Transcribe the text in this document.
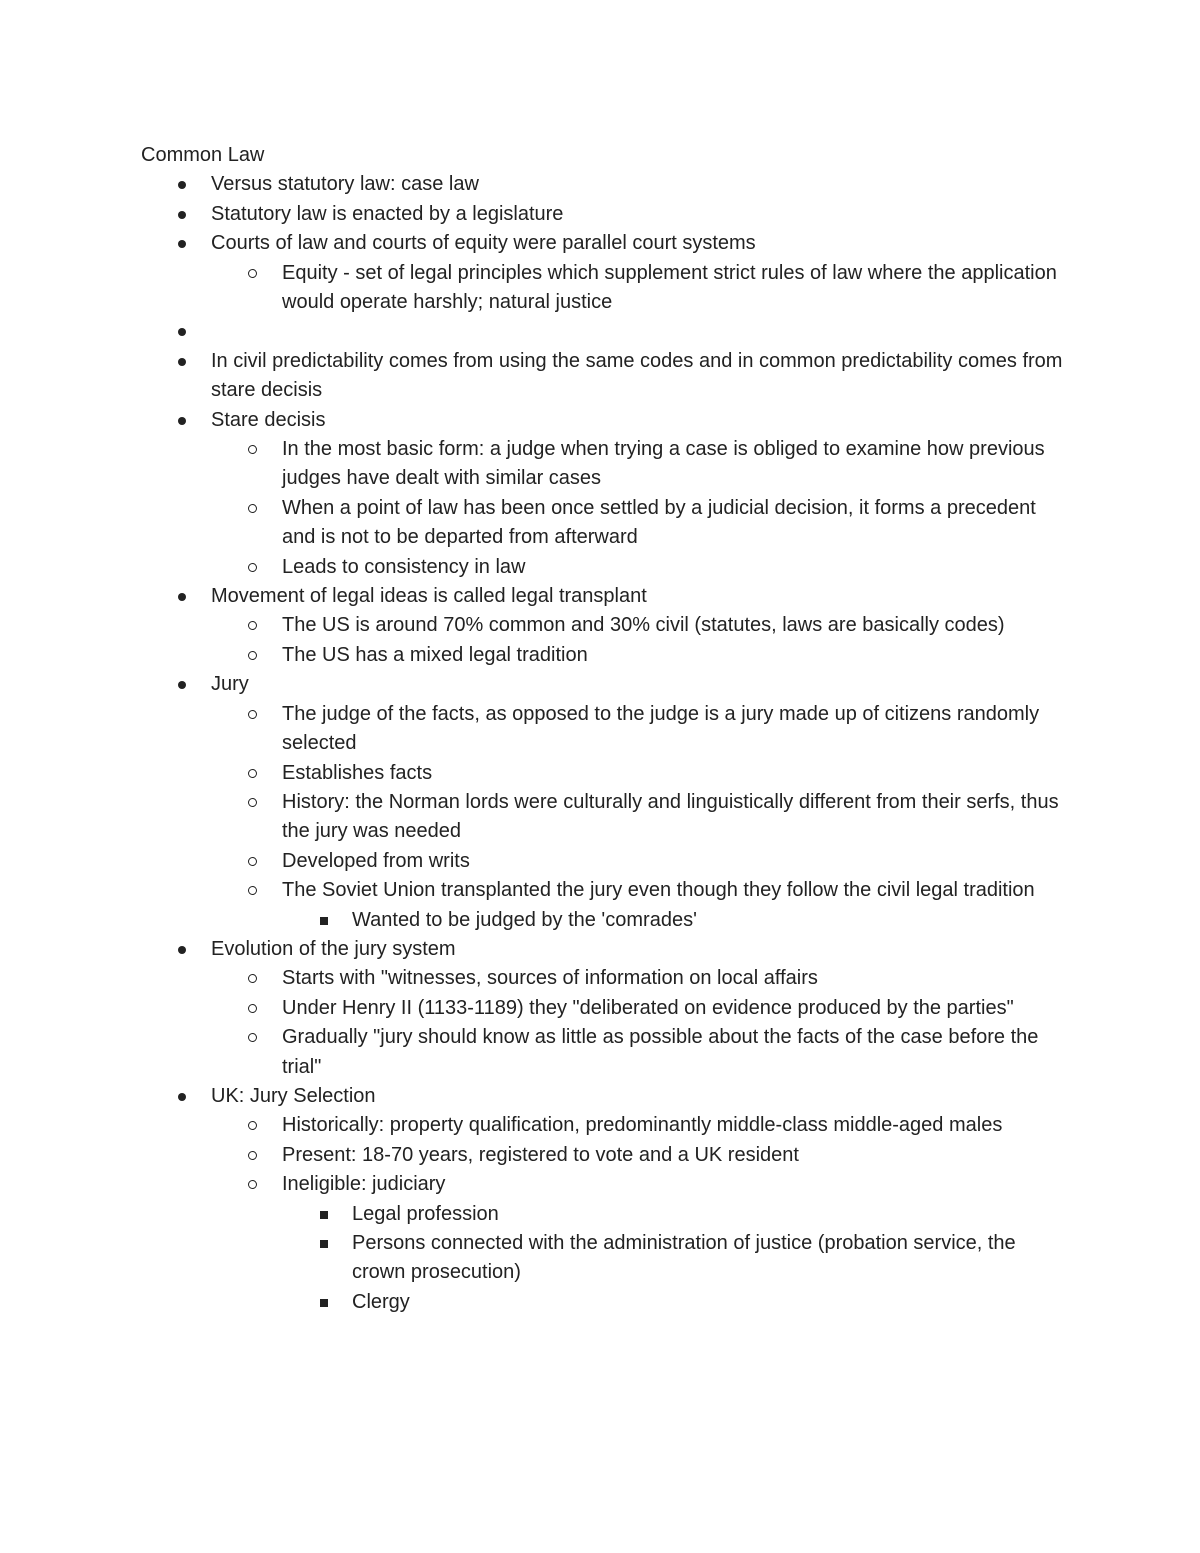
Common Law
Versus statutory law: case law
Statutory law is enacted by a legislature
Courts of law and courts of equity were parallel court systems
Equity - set of legal principles which supplement strict rules of law where the application would operate harshly; natural justice
In civil predictability comes from using the same codes and in common predictability comes from stare decisis
Stare decisis
In the most basic form: a judge when trying a case is obliged to examine how previous judges have dealt with similar cases
When a point of law has been once settled by a judicial decision, it forms a precedent and is not to be departed from afterward
Leads to consistency in law
Movement of legal ideas is called legal transplant
The US is around 70% common and 30% civil (statutes, laws are basically codes)
The US has a mixed legal tradition
Jury
The judge of the facts, as opposed to the judge is a jury made up of citizens randomly selected
Establishes facts
History: the Norman lords were culturally and linguistically different from their serfs, thus the jury was needed
Developed from writs
The Soviet Union transplanted the jury even though they follow the civil legal tradition
Wanted to be judged by the 'comrades'
Evolution of the jury system
Starts with "witnesses, sources of information on local affairs
Under Henry II (1133-1189) they "deliberated on evidence produced by the parties"
Gradually "jury should know as little as possible about the facts of the case before the trial"
UK: Jury Selection
Historically: property qualification, predominantly middle-class middle-aged males
Present: 18-70 years, registered to vote and a UK resident
Ineligible: judiciary
Legal profession
Persons connected with the administration of justice (probation service, the crown prosecution)
Clergy
